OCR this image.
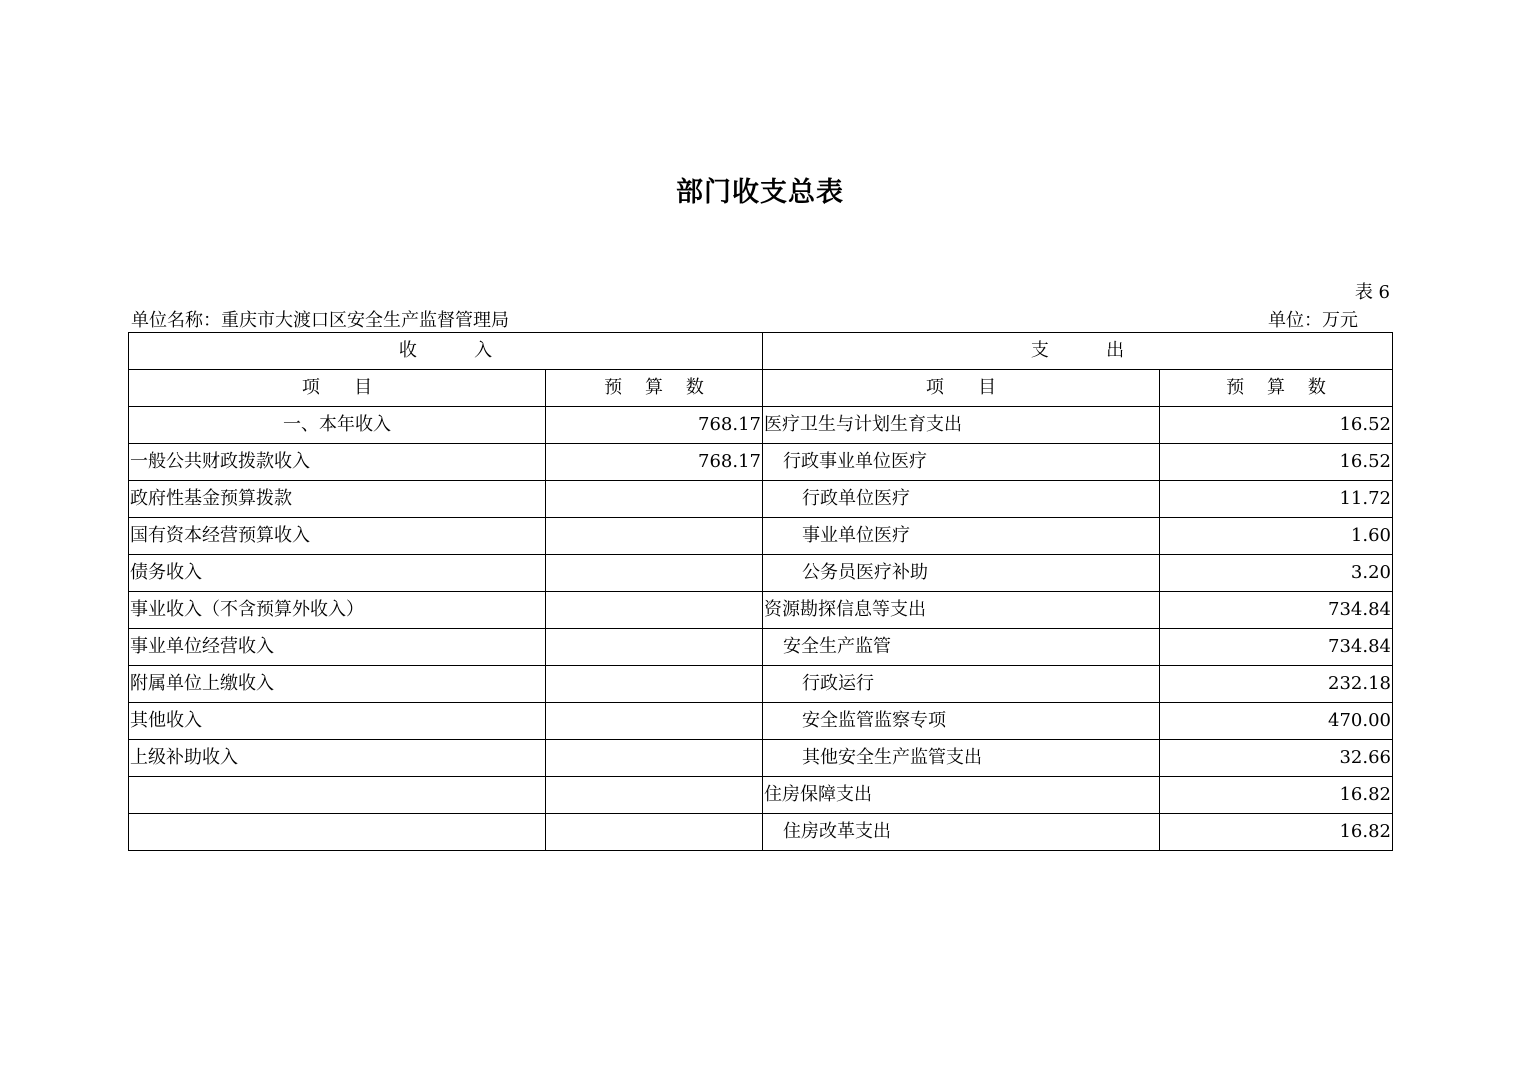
部门收支总表
表 6
单位名称：重庆市大渡口区安全生产监督管理局	单位：万元
收          入		支          出	
项      目	预    算    数	项      目	预    算    数
一、本年收入	768.17	医疗卫生与计划生育支出	16.52
一般公共财政拨款收入	768.17	行政事业单位医疗	16.52
政府性基金预算拨款		行政单位医疗	11.72
国有资本经营预算收入		事业单位医疗	1.60
债务收入		公务员医疗补助	3.20
事业收入（不含预算外收入）		资源勘探信息等支出	734.84
事业单位经营收入		安全生产监管	734.84
附属单位上缴收入		行政运行	232.18
其他收入		安全监管监察专项	470.00
上级补助收入		其他安全生产监管支出	32.66
		住房保障支出	16.82
		住房改革支出	16.82
